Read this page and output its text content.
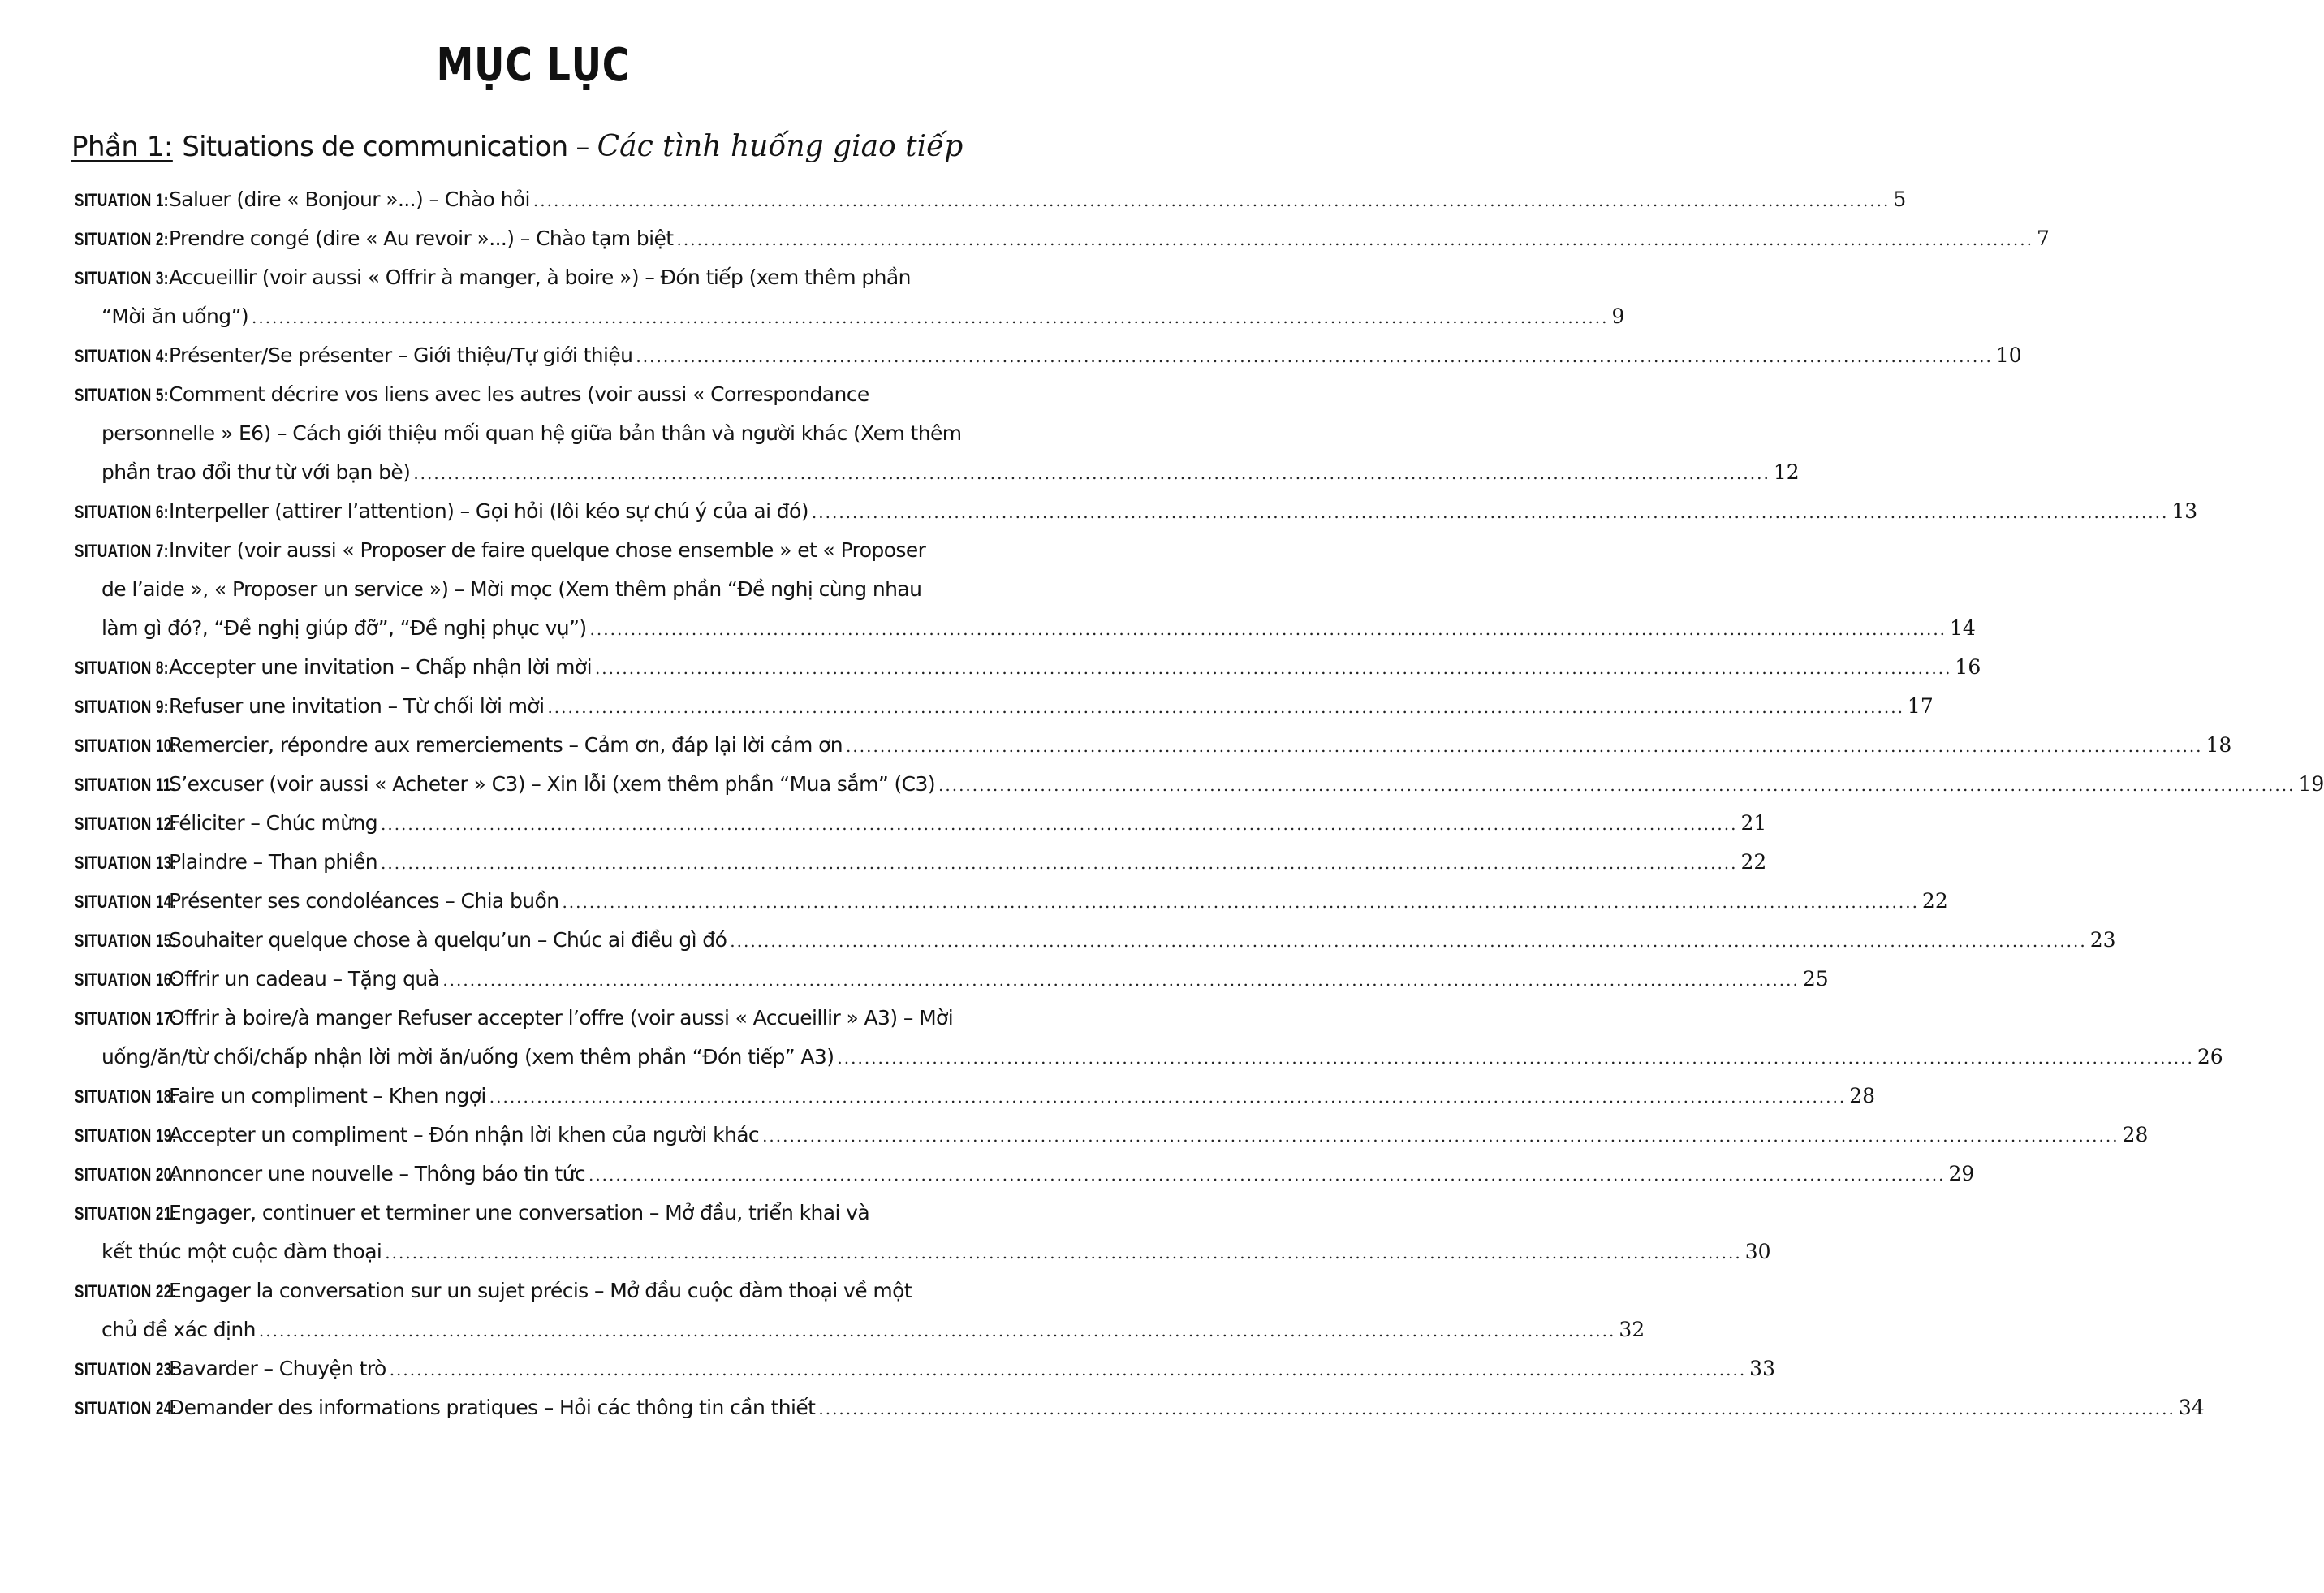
MỤC LỤC
Phần 1: Situations de communication – Các tình huống giao tiếp
SITUATION 1: Saluer (dire « Bonjour »...) – Chào hỏi ........................................................................................................................................................................................................ 5
SITUATION 2: Prendre congé (dire « Au revoir »...) – Chào tạm biệt ........................................................................................................................................................................................................ 7
SITUATION 3: Accueillir (voir aussi « Offrir à manger, à boire ») – Đón tiếp (xem thêm phần
“Mời ăn uống”) ........................................................................................................................................................................................................ 9
SITUATION 4: Présenter/Se présenter – Giới thiệu/Tự giới thiệu ........................................................................................................................................................................................................ 10
SITUATION 5: Comment décrire vos liens avec les autres (voir aussi « Correspondance
personnelle » E6) – Cách giới thiệu mối quan hệ giữa bản thân và người khác (Xem thêm
phần trao đổi thư từ với bạn bè) ........................................................................................................................................................................................................ 12
SITUATION 6: Interpeller (attirer l’attention) – Gọi hỏi (lôi kéo sự chú ý của ai đó) ........................................................................................................................................................................................................ 13
SITUATION 7: Inviter (voir aussi « Proposer de faire quelque chose ensemble » et « Proposer
de l’aide », « Proposer un service ») – Mời mọc (Xem thêm phần “Đề nghị cùng nhau
làm gì đó?, “Đề nghị giúp đỡ”, “Đề nghị phục vụ”) ........................................................................................................................................................................................................ 14
SITUATION 8: Accepter une invitation – Chấp nhận lời mời ........................................................................................................................................................................................................ 16
SITUATION 9: Refuser une invitation – Từ chối lời mời ........................................................................................................................................................................................................ 17
SITUATION 10:
Remercier, répondre aux remerciements – Cảm ơn, đáp lại lời cảm ơn ........................................................................................................................................................................................................ 18
SITUATION 11:
S’excuser (voir aussi « Acheter » C3) – Xin lỗi (xem thêm phần “Mua sắm” (C3) ........................................................................................................................................................................................................ 19
SITUATION 12:
Féliciter – Chúc mừng ........................................................................................................................................................................................................ 21
SITUATION 13:
Plaindre – Than phiền ........................................................................................................................................................................................................ 22
SITUATION 14:
Présenter ses condoléances – Chia buồn ........................................................................................................................................................................................................ 22
SITUATION 15:
Souhaiter quelque chose à quelqu’un – Chúc ai điều gì đó ........................................................................................................................................................................................................ 23
SITUATION 16:
Offrir un cadeau – Tặng quà ........................................................................................................................................................................................................ 25
SITUATION 17:
Offrir à boire/à manger Refuser accepter l’offre (voir aussi « Accueillir » A3) – Mời
uống/ăn/từ chối/chấp nhận lời mời ăn/uống (xem thêm phần “Đón tiếp” A3) ........................................................................................................................................................................................................ 26
SITUATION 18:
Faire un compliment – Khen ngợi ........................................................................................................................................................................................................ 28
SITUATION 19:
Accepter un compliment – Đón nhận lời khen của người khác ........................................................................................................................................................................................................ 28
SITUATION 20:
Annoncer une nouvelle – Thông báo tin tức ........................................................................................................................................................................................................ 29
SITUATION 21:
Engager, continuer et terminer une conversation – Mở đầu, triển khai và
kết thúc một cuộc đàm thoại ........................................................................................................................................................................................................ 30
SITUATION 22:
Engager la conversation sur un sujet précis – Mở đầu cuộc đàm thoại về một
chủ đề xác định ........................................................................................................................................................................................................ 32
SITUATION 23:
Bavarder – Chuyện trò ........................................................................................................................................................................................................ 33
SITUATION 24:
Demander des informations pratiques – Hỏi các thông tin cần thiết ........................................................................................................................................................................................................ 34
